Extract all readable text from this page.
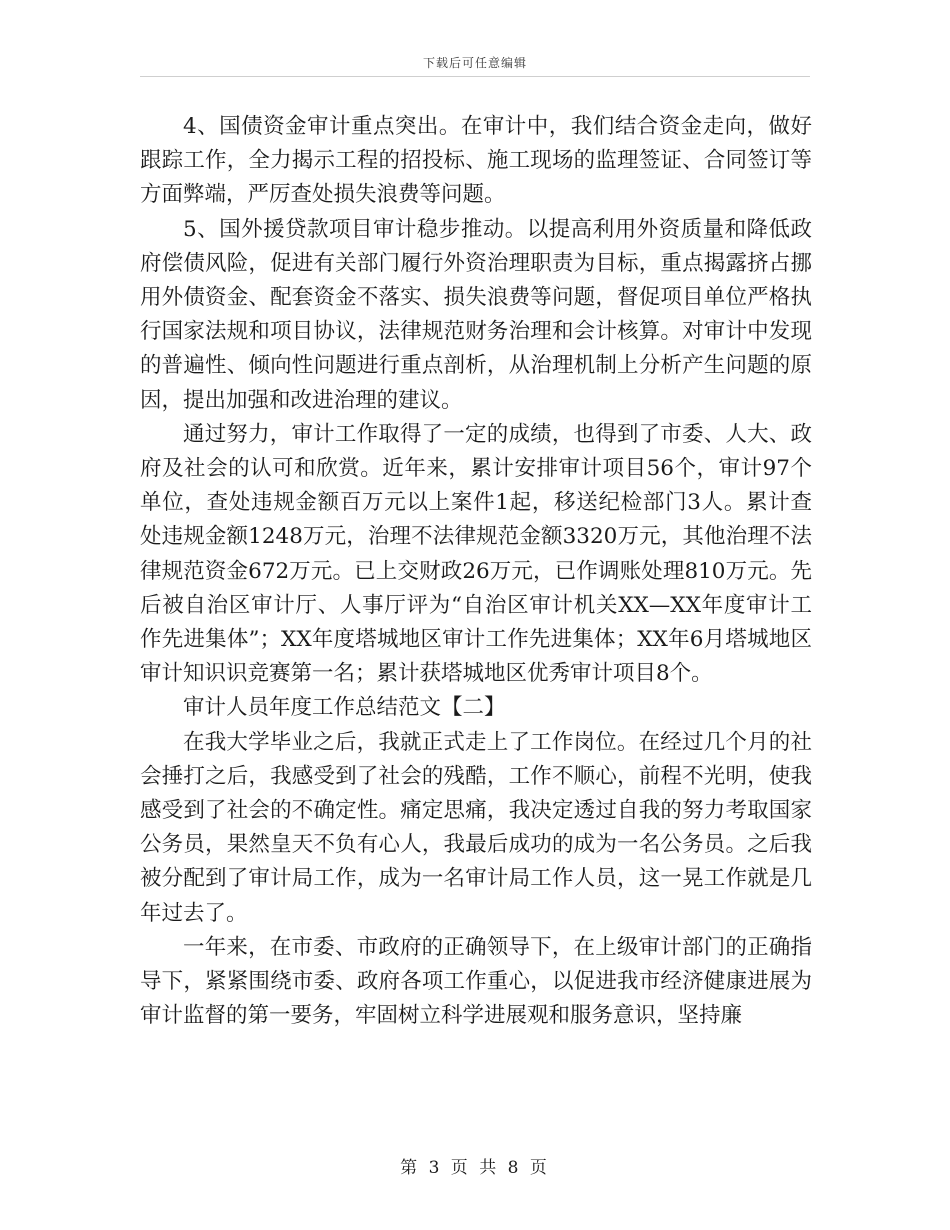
下载后可任意编辑

4、国债资金审计重点突出。在审计中，我们结合资金走向，做好跟踪工作，全力揭示工程的招投标、施工现场的监理签证、合同签订等方面弊端，严厉查处损失浪费等问题。

5、国外援贷款项目审计稳步推动。以提高利用外资质量和降低政府偿债风险，促进有关部门履行外资治理职责为目标，重点揭露挤占挪用外债资金、配套资金不落实、损失浪费等问题，督促项目单位严格执行国家法规和项目协议，法律规范财务治理和会计核算。对审计中发现的普遍性、倾向性问题进行重点剖析，从治理机制上分析产生问题的原因，提出加强和改进治理的建议。

通过努力，审计工作取得了一定的成绩，也得到了市委、人大、政府及社会的认可和欣赏。近年来，累计安排审计项目56个，审计97个单位，查处违规金额百万元以上案件1起，移送纪检部门3人。累计查处违规金额1248万元，治理不法律规范金额3320万元，其他治理不法律规范资金672万元。已上交财政26万元，已作调账处理810万元。先后被自治区审计厅、人事厅评为“自治区审计机关XX—XX年度审计工作先进集体”；XX年度塔城地区审计工作先进集体；XX年6月塔城地区审计知识识竞赛第一名；累计获塔城地区优秀审计项目8个。

审计人员年度工作总结范文【二】

在我大学毕业之后，我就正式走上了工作岗位。在经过几个月的社会捶打之后，我感受到了社会的残酷，工作不顺心，前程不光明，使我感受到了社会的不确定性。痛定思痛，我决定透过自我的努力考取国家公务员，果然皇天不负有心人，我最后成功的成为一名公务员。之后我被分配到了审计局工作，成为一名审计局工作人员，这一晃工作就是几年过去了。

一年来，在市委、市政府的正确领导下，在上级审计部门的正确指导下，紧紧围绕市委、政府各项工作重心，以促进我市经济健康进展为审计监督的第一要务，牢固树立科学进展观和服务意识，坚持廉

第 3 页 共 8 页
